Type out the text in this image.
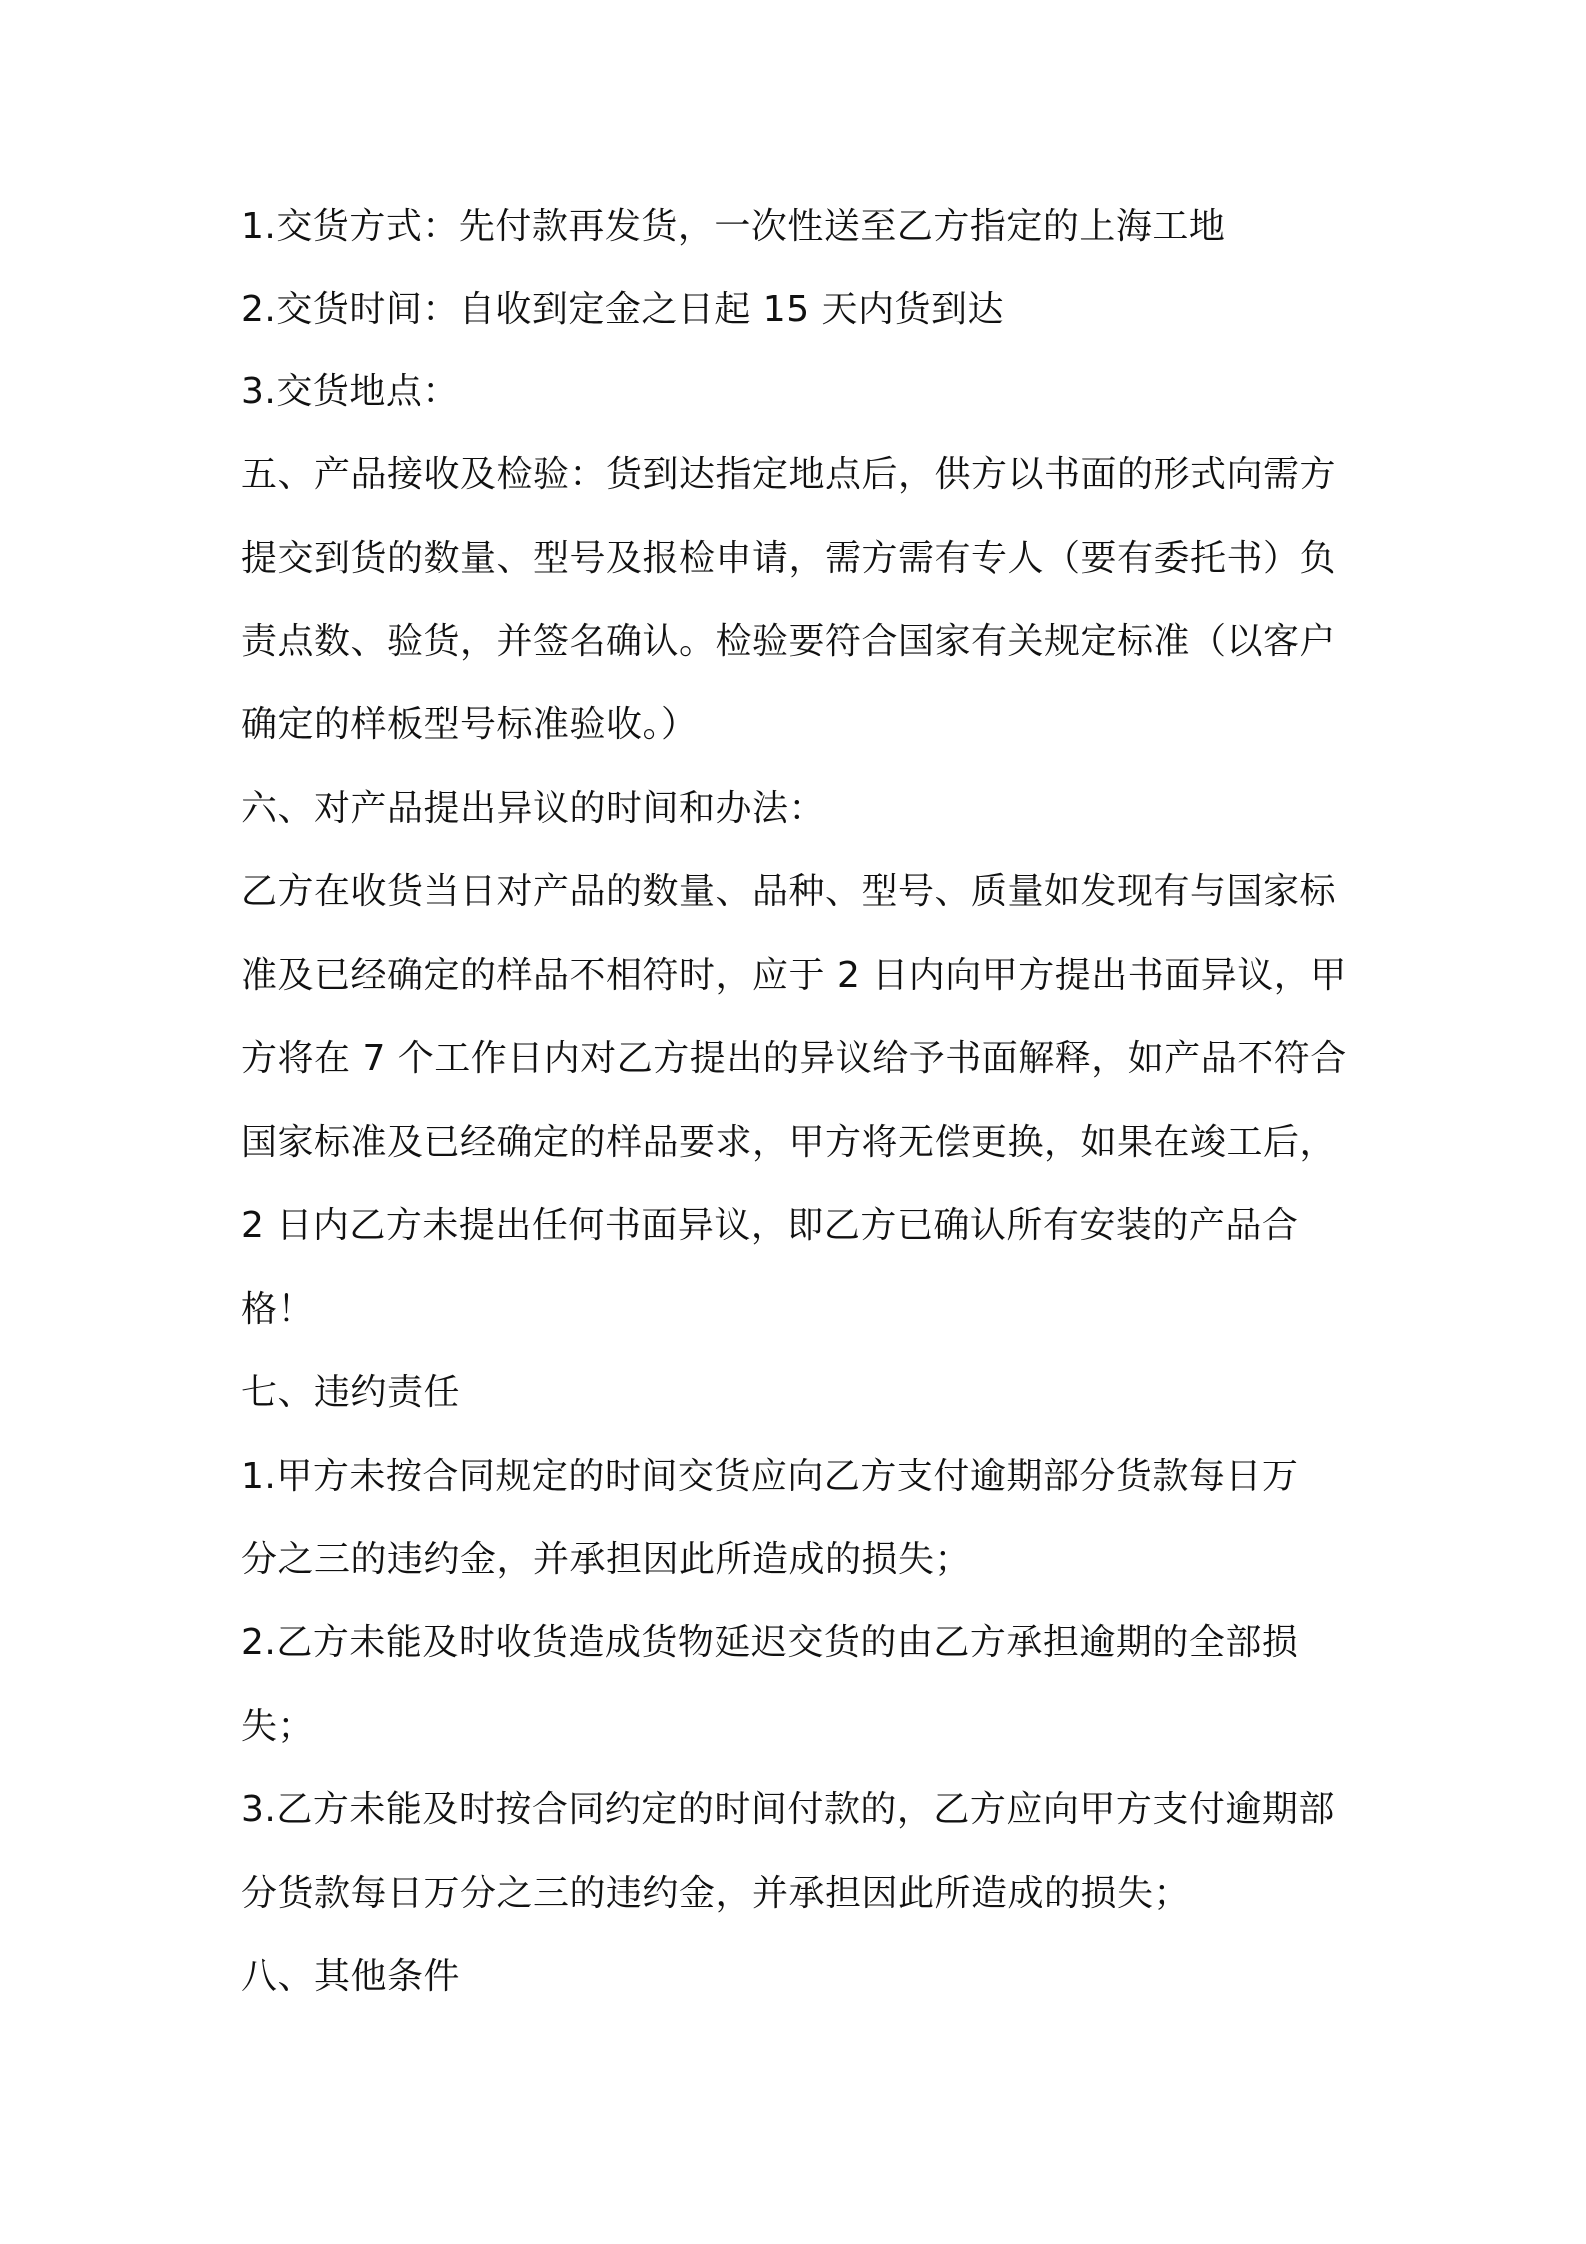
1.交货方式：先付款再发货，一次性送至乙方指定的上海工地
2.交货时间：自收到定金之日起 15 天内货到达
3.交货地点：
五、产品接收及检验：货到达指定地点后，供方以书面的形式向需方
提交到货的数量、型号及报检申请，需方需有专人（要有委托书）负
责点数、验货，并签名确认。检验要符合国家有关规定标准（以客户
确定的样板型号标准验收。）
六、对产品提出异议的时间和办法：
乙方在收货当日对产品的数量、品种、型号、质量如发现有与国家标
准及已经确定的样品不相符时，应于 2 日内向甲方提出书面异议，甲
方将在 7 个工作日内对乙方提出的异议给予书面解释，如产品不符合
国家标准及已经确定的样品要求，甲方将无偿更换，如果在竣工后，
2 日内乙方未提出任何书面异议，即乙方已确认所有安装的产品合
格！
七、违约责任
1.甲方未按合同规定的时间交货应向乙方支付逾期部分货款每日万
分之三的违约金，并承担因此所造成的损失；
2.乙方未能及时收货造成货物延迟交货的由乙方承担逾期的全部损
失；
3.乙方未能及时按合同约定的时间付款的，乙方应向甲方支付逾期部
分货款每日万分之三的违约金，并承担因此所造成的损失；
八、其他条件
